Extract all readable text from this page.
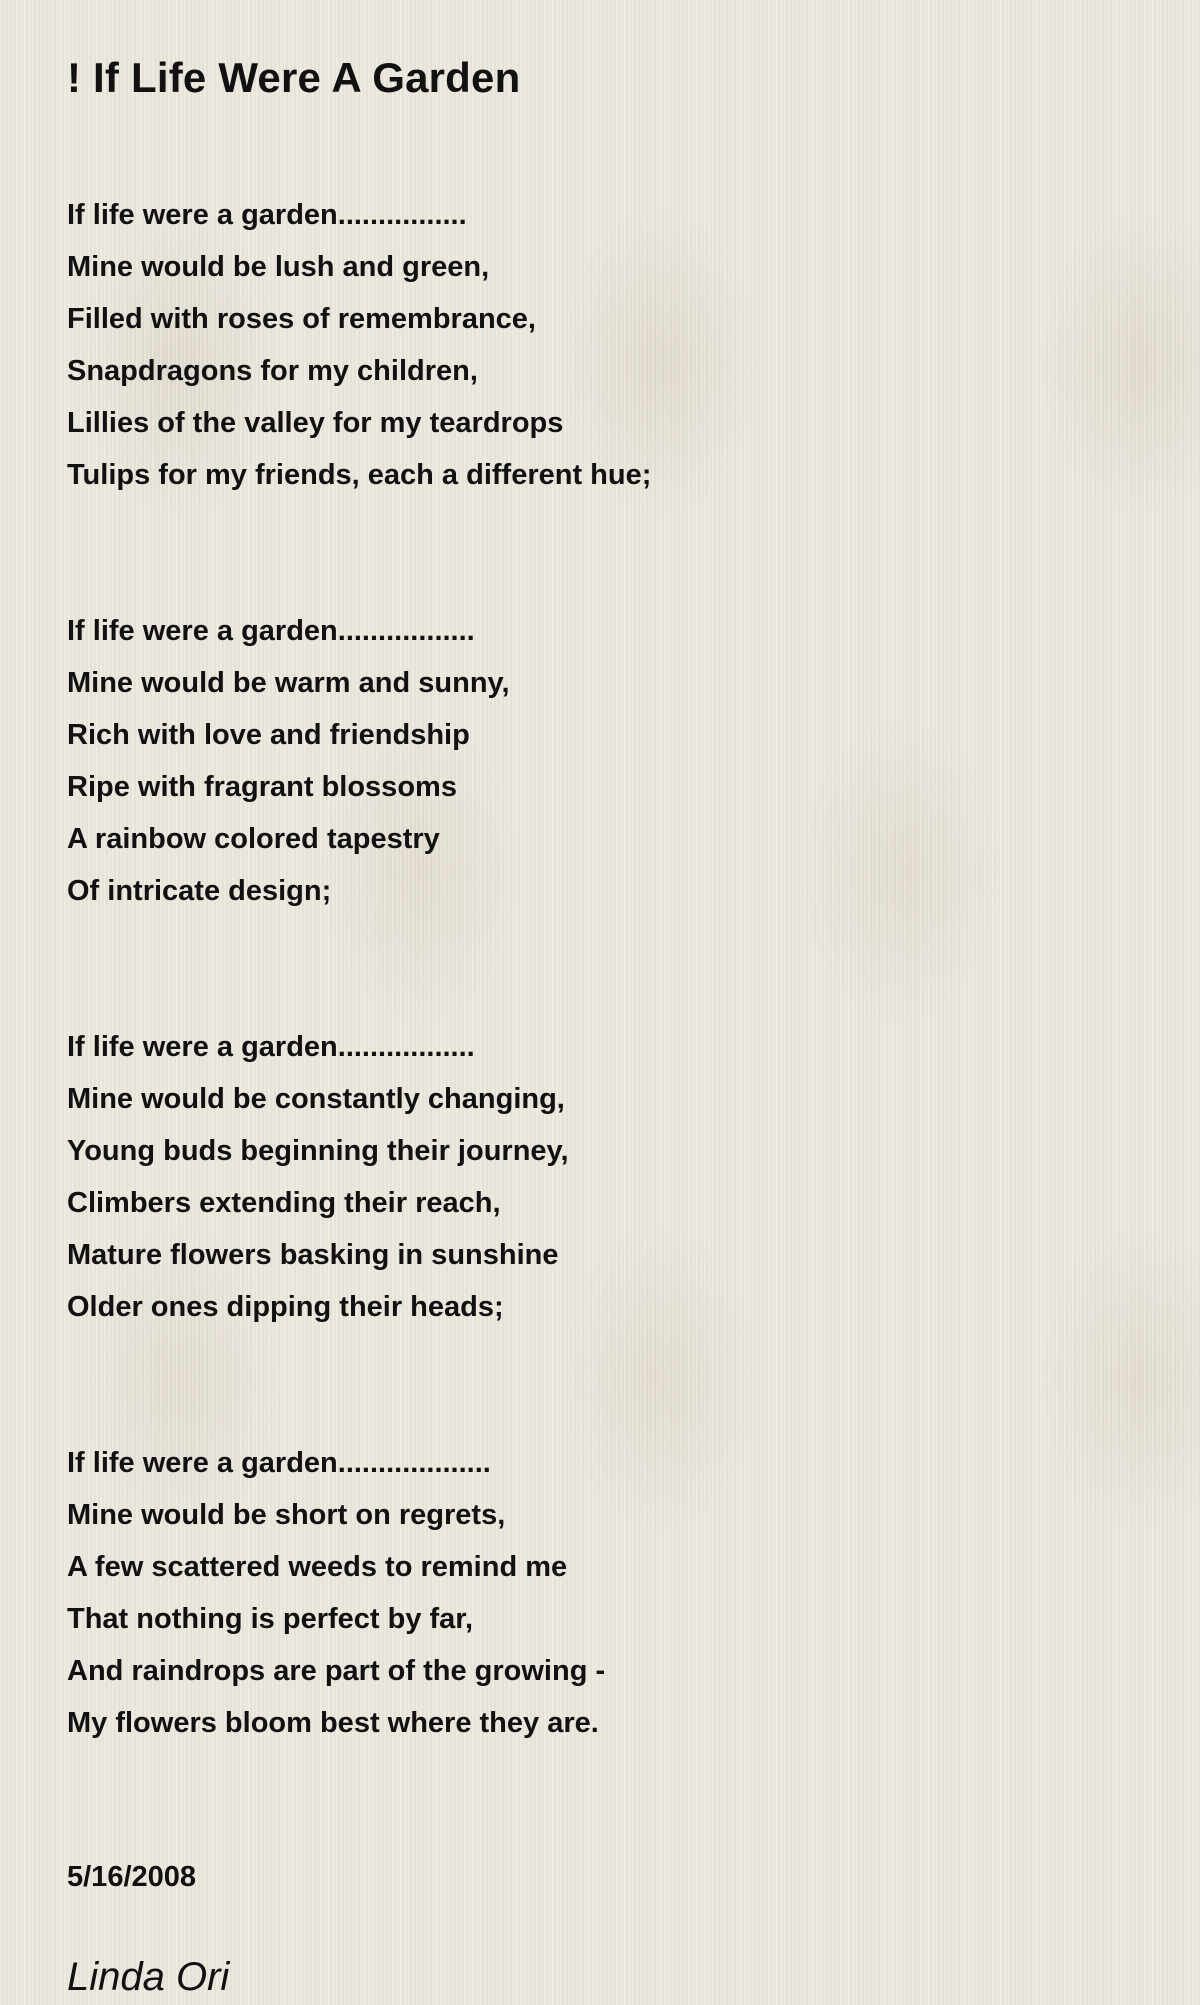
! If Life Were A Garden
If life were a garden................
Mine would be lush and green,
Filled with roses of remembrance,
Snapdragons for my children,
Lillies of the valley for my teardrops
Tulips for my friends, each a different hue;
If life were a garden.................
Mine would be warm and sunny,
Rich with love and friendship
Ripe with fragrant blossoms
A rainbow colored tapestry
Of intricate design;
If life were a garden.................
Mine would be constantly changing,
Young buds beginning their journey,
Climbers extending their reach,
Mature flowers basking in sunshine
Older ones dipping their heads;
If life were a garden...................
Mine would be short on regrets,
A few scattered weeds to remind me
That nothing is perfect by far,
And raindrops are part of the growing -
My flowers bloom best where they are.
5/16/2008
Linda Ori
